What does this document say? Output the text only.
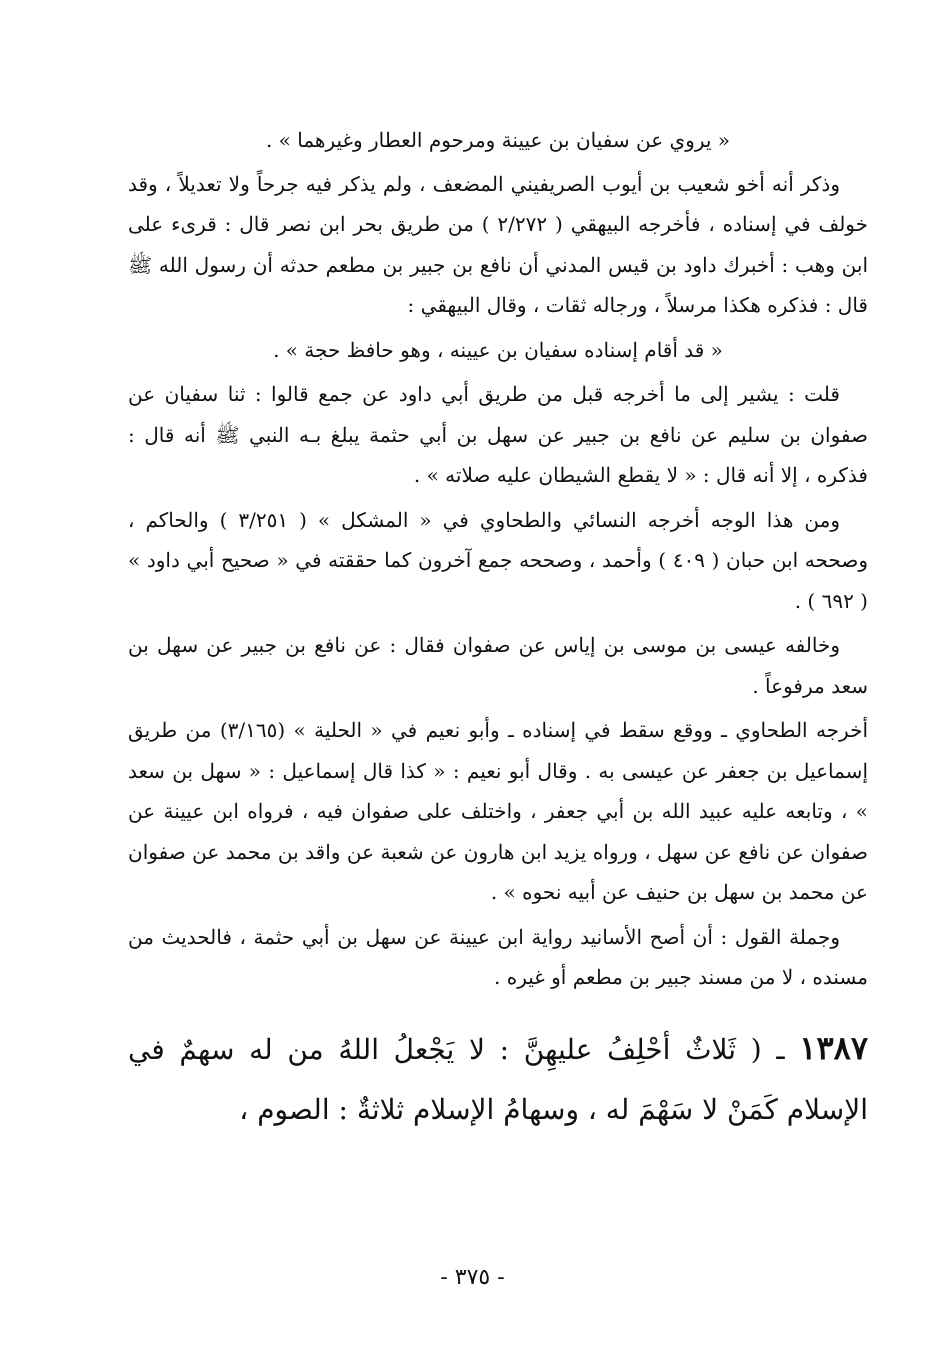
« يروي عن سفيان بن عيينة ومرحوم العطار وغيرهما » .

وذكر أنه أخو شعيب بن أيوب الصريفيني المضعف ، ولم يذكر فيه جرحاً ولا تعديلاً ، وقد خولف في إسناده ، فأخرجه البيهقي ( ٢/٢٧٢ ) من طريق بحر ابن نصر قال : قرىء على ابن وهب : أخبرك داود بن قيس المدني أن نافع بن جبير بن مطعم حدثه أن رسول الله ﷺ قال : فذكره هكذا مرسلاً ، ورجاله ثقات ، وقال البيهقي :

« قد أقام إسناده سفيان بن عيينه ، وهو حافظ حجة » .

قلت : يشير إلى ما أخرجه قبل من طريق أبي داود عن جمع قالوا : ثنا سفيان عن صفوان بن سليم عن نافع بن جبير عن سهل بن أبي حثمة يبلغ بـه النبي ﷺ أنه قال : فذكره ، إلا أنه قال : « لا يقطع الشيطان عليه صلاته » .

ومن هذا الوجه أخرجه النسائي والطحاوي في « المشكل » ( ٣/٢٥١ ) والحاكم ، وصححه ابن حبان ( ٤٠٩ ) وأحمد ، وصححه جمع آخرون كما حققته في « صحيح أبي داود » ( ٦٩٢ ) .

وخالفه عيسى بن موسى بن إياس عن صفوان فقال : عن نافع بن جبير عن سهل بن سعد مرفوعاً .

أخرجه الطحاوي ـ ووقع سقط في إسناده ـ وأبو نعيم في « الحلية » (٣/١٦٥) من طريق إسماعيل بن جعفر عن عيسى به . وقال أبو نعيم : « كذا قال إسماعيل : « سهل بن سعد » ، وتابعه عليه عبيد الله بن أبي جعفر ، واختلف على صفوان فيه ، فرواه ابن عيينة عن صفوان عن نافع عن سهل ، ورواه يزيد ابن هارون عن شعبة عن واقد بن محمد عن صفوان عن محمد بن سهل بن حنيف عن أبيه نحوه » .

وجملة القول : أن أصح الأسانيد رواية ابن عيينة عن سهل بن أبي حثمة ، فالحديث من مسنده ، لا من مسند جبير بن مطعم أو غيره .

١٣٨٧ ـ ( ثَلاثٌ أحْلِفُ عليهِنَّ : لا يَجْعلُ اللهُ من له سهمٌ في الإسلام كَمَنْ لا سَهْمَ له ، وسهامُ الإسلام ثلاثةٌ : الصوم ،

- ٣٧٥ -
